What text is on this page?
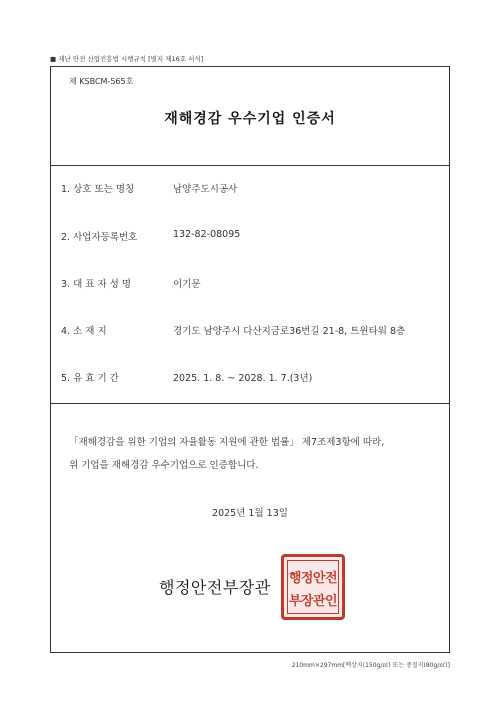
■ 재난 안전 산업진흥법 시행규칙 [별지 제16호 서식]
제 KSBCM-565호
재해경감 우수기업 인증서
1. 상호 또는 명칭	남양주도시공사
2. 사업자등록번호	132-82-08095
3. 대 표 자 성 명	이기문
4. 소 재 지	경기도 남양주시 다산지금로36번길 21-8, 트윈타워 8층
5. 유 효 기 간	2025. 1. 8. ~ 2028. 1. 7.(3년)
「재해경감을 위한 기업의 자율활동 지원에 관한 법률」 제7조제3항에 따라,
위 기업을 재해경감 우수기업으로 인증합니다.
2025년 1월 13일
행정안전부장관	행정안전
부장관인
210mm×297mm[백상지(150g/㎡) 또는 중질지(80g/㎡)]
